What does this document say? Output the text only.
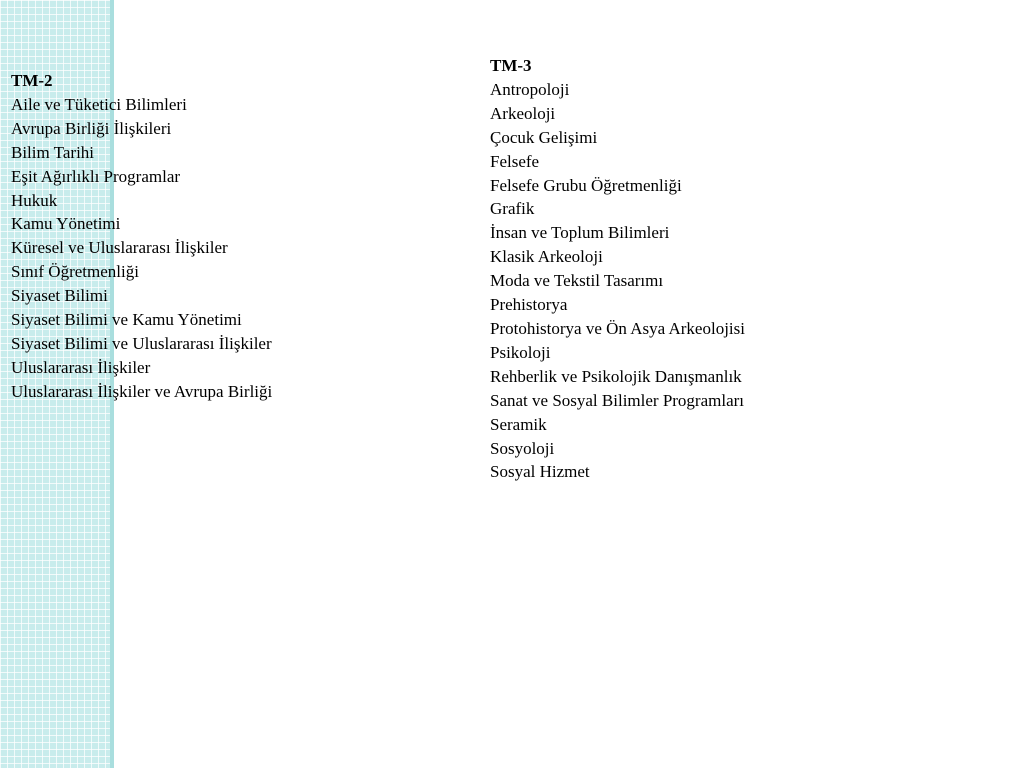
TM-2
Aile ve Tüketici Bilimleri
Avrupa Birliği İlişkileri
Bilim Tarihi
Eşit Ağırlıklı Programlar
Hukuk
Kamu Yönetimi
Küresel ve Uluslararası İlişkiler
Sınıf Öğretmenliği
Siyaset Bilimi
Siyaset Bilimi ve Kamu Yönetimi
Siyaset Bilimi ve Uluslararası İlişkiler
Uluslararası İlişkiler
Uluslararası İlişkiler ve Avrupa Birliği
TM-3
Antropoloji
Arkeoloji
Çocuk Gelişimi
Felsefe
Felsefe Grubu Öğretmenliği
Grafik
İnsan ve Toplum Bilimleri
Klasik Arkeoloji
Moda ve Tekstil Tasarımı
Prehistorya
Protohistorya ve Ön Asya Arkeolojisi
Psikoloji
Rehberlik ve Psikolojik Danışmanlık
Sanat ve Sosyal Bilimler Programları
Seramik
Sosyoloji
Sosyal Hizmet
